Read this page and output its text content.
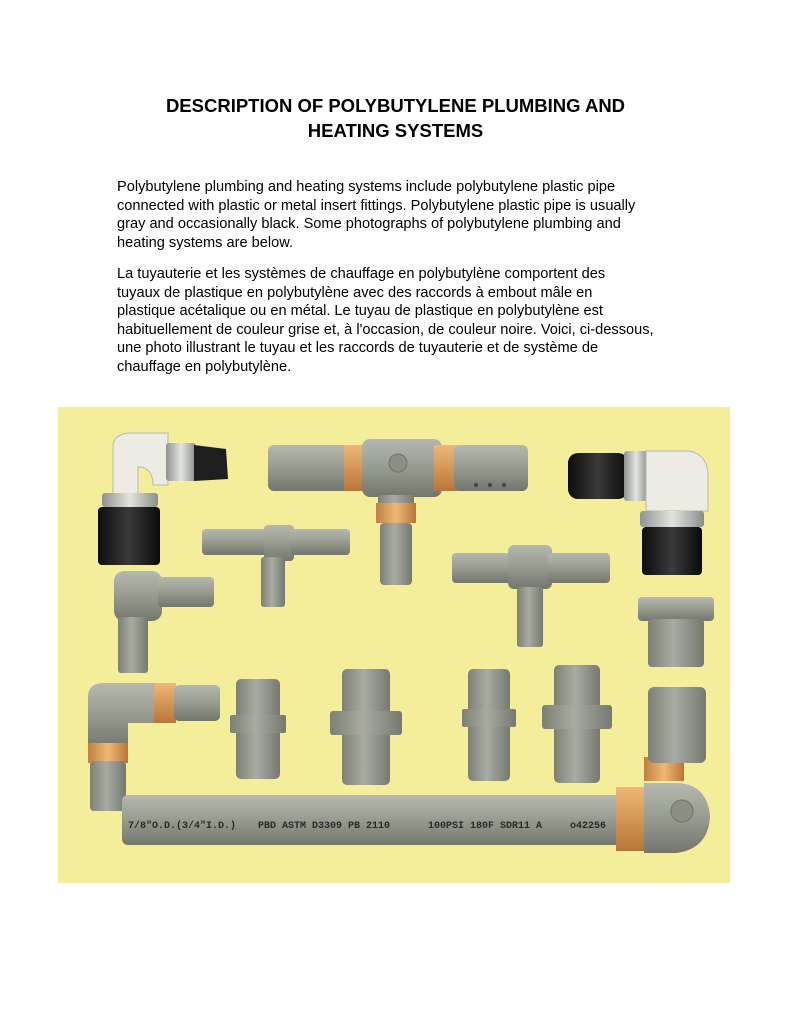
DESCRIPTION OF POLYBUTYLENE PLUMBING AND
HEATING SYSTEMS

Polybutylene plumbing and heating systems include polybutylene plastic pipe
connected with plastic or metal insert fittings. Polybutylene plastic pipe is usually
gray and occasionally black. Some photographs of polybutylene plumbing and
heating systems are below.

La tuyauterie et les systèmes de chauffage en polybutylène comportent des
tuyaux de plastique en polybutylène avec des raccords à embout mâle en
plastique acétalique ou en métal. Le tuyau de plastique en polybutylène est
habituellement de couleur grise et, à l'occasion, de couleur noire. Voici, ci-dessous,
une photo illustrant le tuyau et les raccords de tuyauterie et de système de
chauffage en polybutylène.

7/8"O.D.(3/4"I.D.) PBD ASTM D3309 PB 2110	100PSI 180F SDR11 A	o42256
